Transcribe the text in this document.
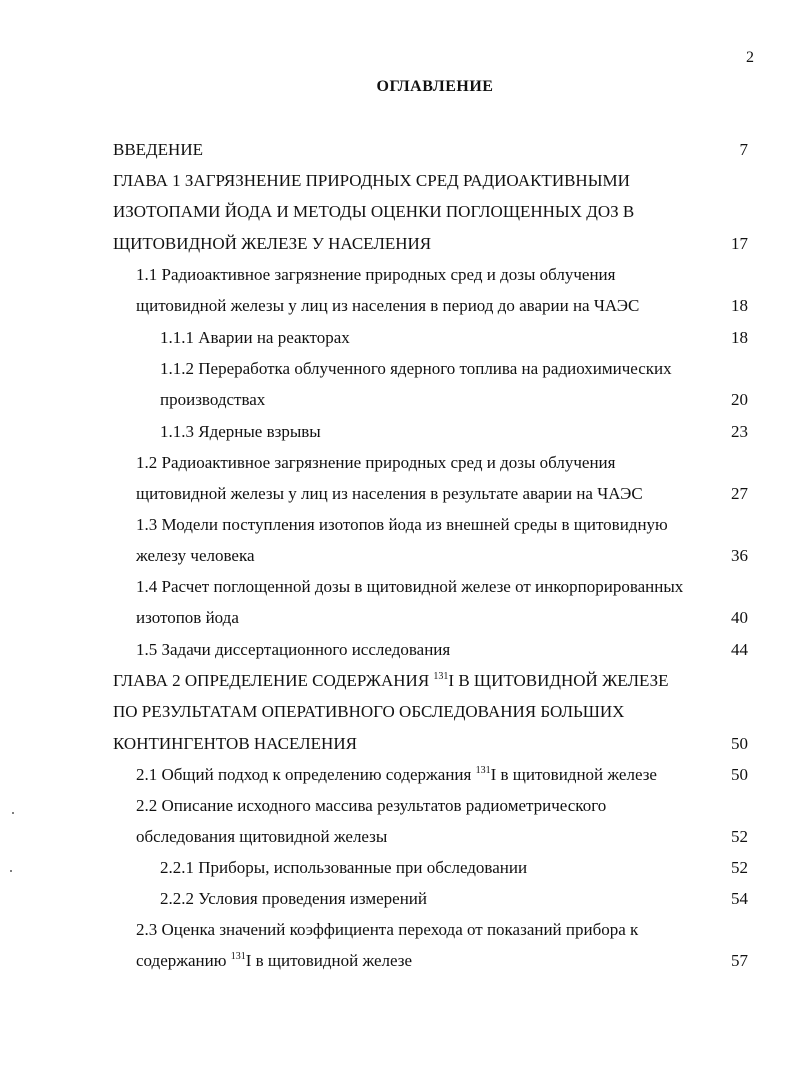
2
ОГЛАВЛЕНИЕ
ВВЕДЕНИЕ	7
ГЛАВА 1 ЗАГРЯЗНЕНИЕ ПРИРОДНЫХ СРЕД РАДИОАКТИВНЫМИ
ИЗОТОПАМИ ЙОДА И МЕТОДЫ ОЦЕНКИ ПОГЛОЩЕННЫХ ДОЗ В
ЩИТОВИДНОЙ ЖЕЛЕЗЕ У НАСЕЛЕНИЯ	17
1.1 Радиоактивное загрязнение природных сред и дозы облучения
щитовидной железы у лиц из населения в период до аварии на ЧАЭС	18
1.1.1 Аварии на реакторах	18
1.1.2 Переработка облученного ядерного топлива на радиохимических
производствах	20
1.1.3 Ядерные взрывы	23
1.2 Радиоактивное загрязнение природных сред и дозы облучения
щитовидной железы у лиц из населения в результате аварии на ЧАЭС	27
1.3 Модели поступления изотопов йода из внешней среды в щитовидную
железу человека	36
1.4 Расчет поглощенной дозы в щитовидной железе от инкорпорированных
изотопов йода	40
1.5 Задачи диссертационного исследования	44
ГЛАВА 2 ОПРЕДЕЛЕНИЕ СОДЕРЖАНИЯ $^{131}$I В ЩИТОВИДНОЙ ЖЕЛЕЗЕ
ПО РЕЗУЛЬТАТАМ ОПЕРАТИВНОГО ОБСЛЕДОВАНИЯ БОЛЬШИХ
КОНТИНГЕНТОВ НАСЕЛЕНИЯ	50
2.1 Общий подход к определению содержания $^{131}$I в щитовидной железе	50
2.2 Описание исходного массива результатов радиометрического
обследования щитовидной железы	52
2.2.1 Приборы, использованные при обследовании	52
2.2.2 Условия проведения измерений	54
2.3 Оценка значений коэффициента перехода от показаний прибора к
содержанию $^{131}$I в щитовидной железе	57
